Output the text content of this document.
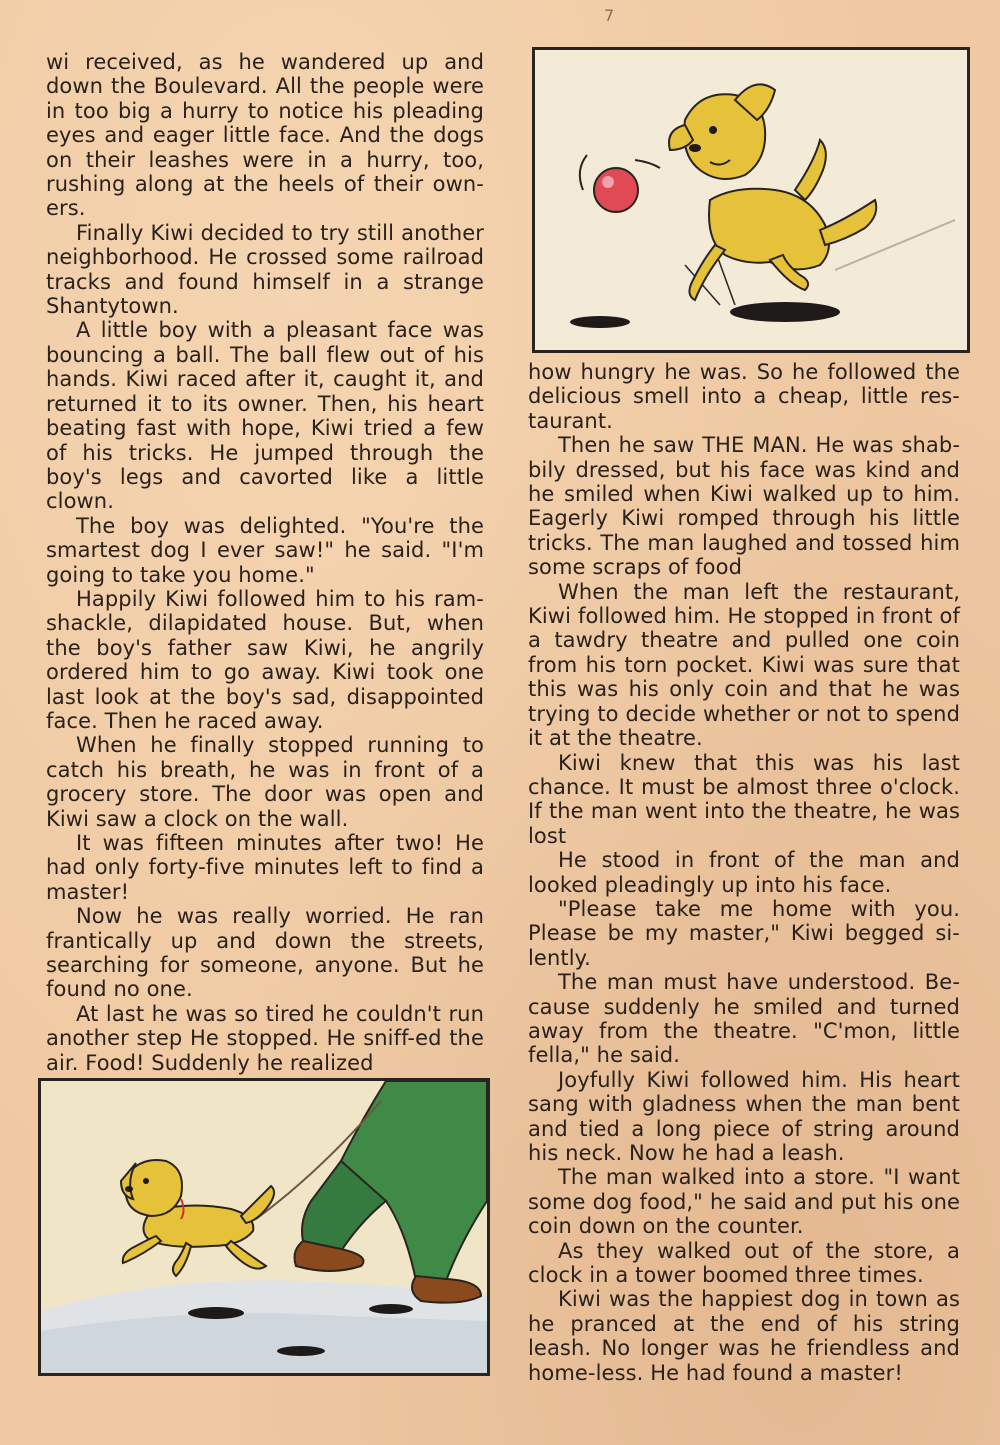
7

wi received, as he wandered up and down the Boulevard. All the people were in too big a hurry to notice his pleading eyes and eager little face. And the dogs on their leashes were in a hurry, too, rushing along at the heels of their own-ers.

Finally Kiwi decided to try still another neighborhood. He crossed some railroad tracks and found himself in a strange Shantytown.

A little boy with a pleasant face was bouncing a ball. The ball flew out of his hands. Kiwi raced after it, caught it, and returned it to its owner. Then, his heart beating fast with hope, Kiwi tried a few of his tricks. He jumped through the boy's legs and cavorted like a little clown.

The boy was delighted. "You're the smartest dog I ever saw!" he said. "I'm going to take you home."

Happily Kiwi followed him to his ram-shackle, dilapidated house. But, when the boy's father saw Kiwi, he angrily ordered him to go away. Kiwi took one last look at the boy's sad, disappointed face. Then he raced away.

When he finally stopped running to catch his breath, he was in front of a grocery store. The door was open and Kiwi saw a clock on the wall.

It was fifteen minutes after two! He had only forty-five minutes left to find a master!

Now he was really worried. He ran frantically up and down the streets, searching for someone, anyone. But he found no one.

At last he was so tired he couldn't run another step He stopped. He sniff-ed the air. Food! Suddenly he realized

how hungry he was. So he followed the delicious smell into a cheap, little res-taurant.

Then he saw THE MAN. He was shab-bily dressed, but his face was kind and he smiled when Kiwi walked up to him. Eagerly Kiwi romped through his little tricks. The man laughed and tossed him some scraps of food

When the man left the restaurant, Kiwi followed him. He stopped in front of a tawdry theatre and pulled one coin from his torn pocket. Kiwi was sure that this was his only coin and that he was trying to decide whether or not to spend it at the theatre.

Kiwi knew that this was his last chance. It must be almost three o'clock. If the man went into the theatre, he was lost

He stood in front of the man and looked pleadingly up into his face.

"Please take me home with you. Please be my master," Kiwi begged si-lently.

The man must have understood. Be-cause suddenly he smiled and turned away from the theatre. "C'mon, little fella," he said.

Joyfully Kiwi followed him. His heart sang with gladness when the man bent and tied a long piece of string around his neck. Now he had a leash.

The man walked into a store. "I want some dog food," he said and put his one coin down on the counter.

As they walked out of the store, a clock in a tower boomed three times.

Kiwi was the happiest dog in town as he pranced at the end of his string leash. No longer was he friendless and home-less. He had found a master!
